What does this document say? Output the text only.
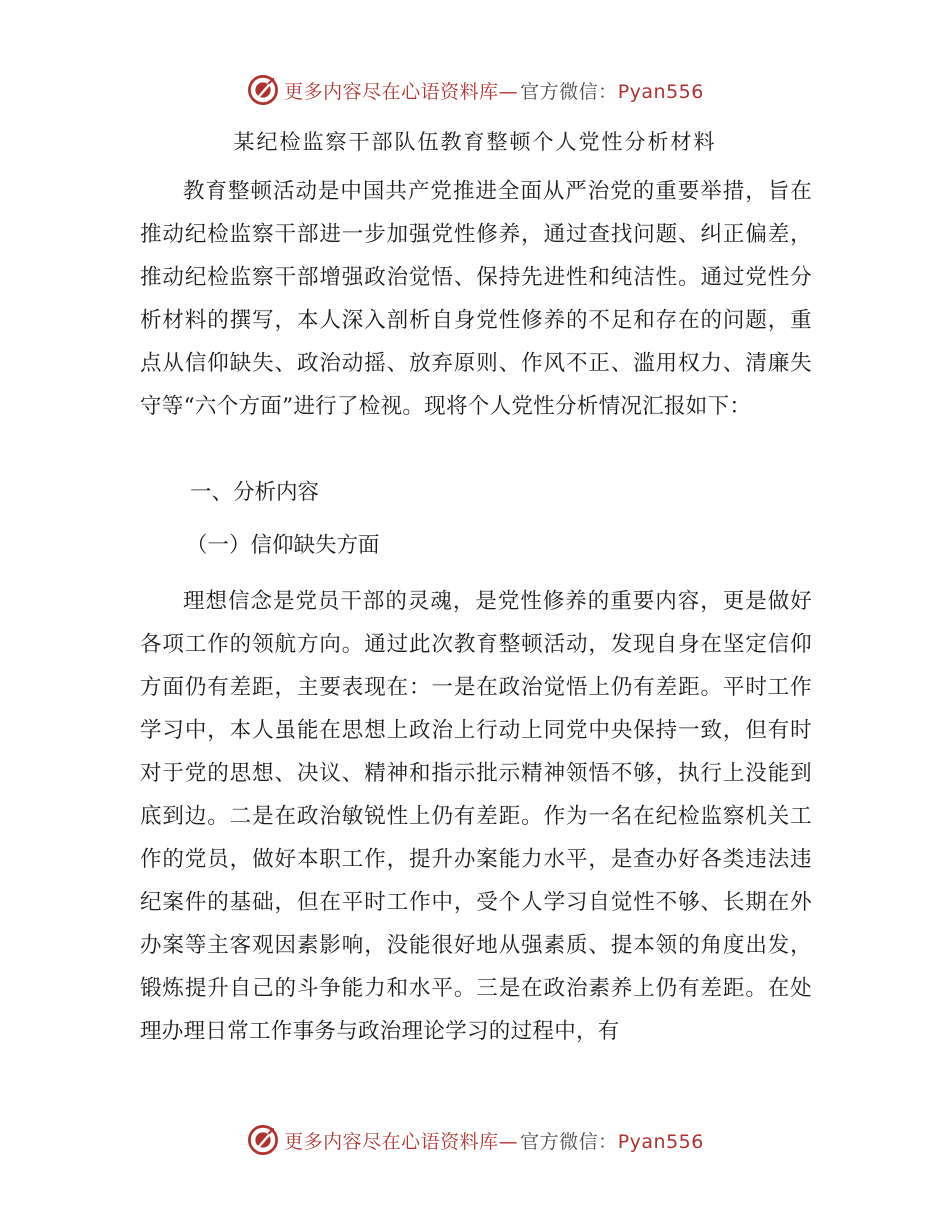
更多内容尽在心语资料库— 官方微信：Pyan556
某纪检监察干部队伍教育整顿个人党性分析材料

教育整顿活动是中国共产党推进全面从严治党的重要举措，旨在推动纪检监察干部进一步加强党性修养，通过查找问题、纠正偏差，推动纪检监察干部增强政治觉悟、保持先进性和纯洁性。通过党性分析材料的撰写，本人深入剖析自身党性修养的不足和存在的问题，重点从信仰缺失、政治动摇、放弃原则、作风不正、滥用权力、清廉失守等“六个方面”进行了检视。现将个人党性分析情况汇报如下：

一、分析内容

（一）信仰缺失方面

理想信念是党员干部的灵魂，是党性修养的重要内容，更是做好各项工作的领航方向。通过此次教育整顿活动，发现自身在坚定信仰方面仍有差距，主要表现在：一是在政治觉悟上仍有差距。平时工作学习中，本人虽能在思想上政治上行动上同党中央保持一致，但有时对于党的思想、决议、精神和指示批示精神领悟不够，执行上没能到底到边。二是在政治敏锐性上仍有差距。作为一名在纪检监察机关工作的党员，做好本职工作，提升办案能力水平，是查办好各类违法违纪案件的基础，但在平时工作中，受个人学习自觉性不够、长期在外办案等主客观因素影响，没能很好地从强素质、提本领的角度出发，锻炼提升自己的斗争能力和水平。三是在政治素养上仍有差距。在处理办理日常工作事务与政治理论学习的过程中，有

更多内容尽在心语资料库— 官方微信：Pyan556
